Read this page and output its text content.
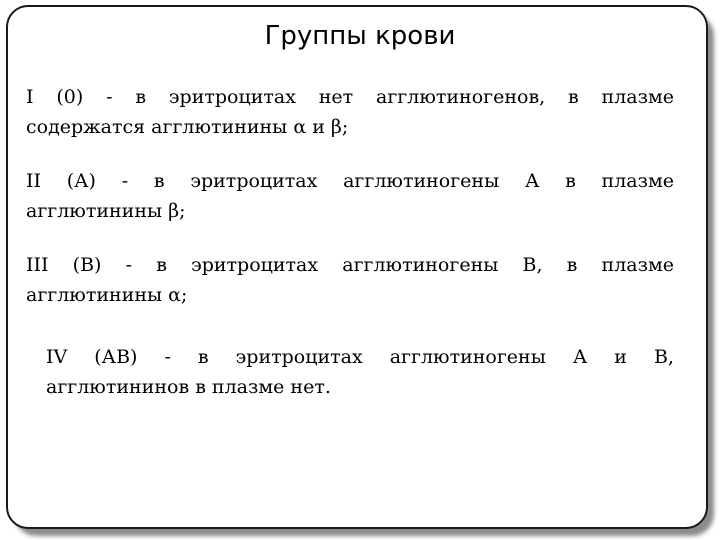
Группы крови
I (0) - в эритроцитах нет агглютиногенов, в плазме
содержатся агглютинины α и β;
II (А) - в эритроцитах агглютиногены А в плазме
агглютинины β;
III (В) - в эритроцитах агглютиногены В, в плазме
агглютинины α;
IV (АВ) - в эритроцитах агглютиногены А и В,
агглютининов в плазме нет.
